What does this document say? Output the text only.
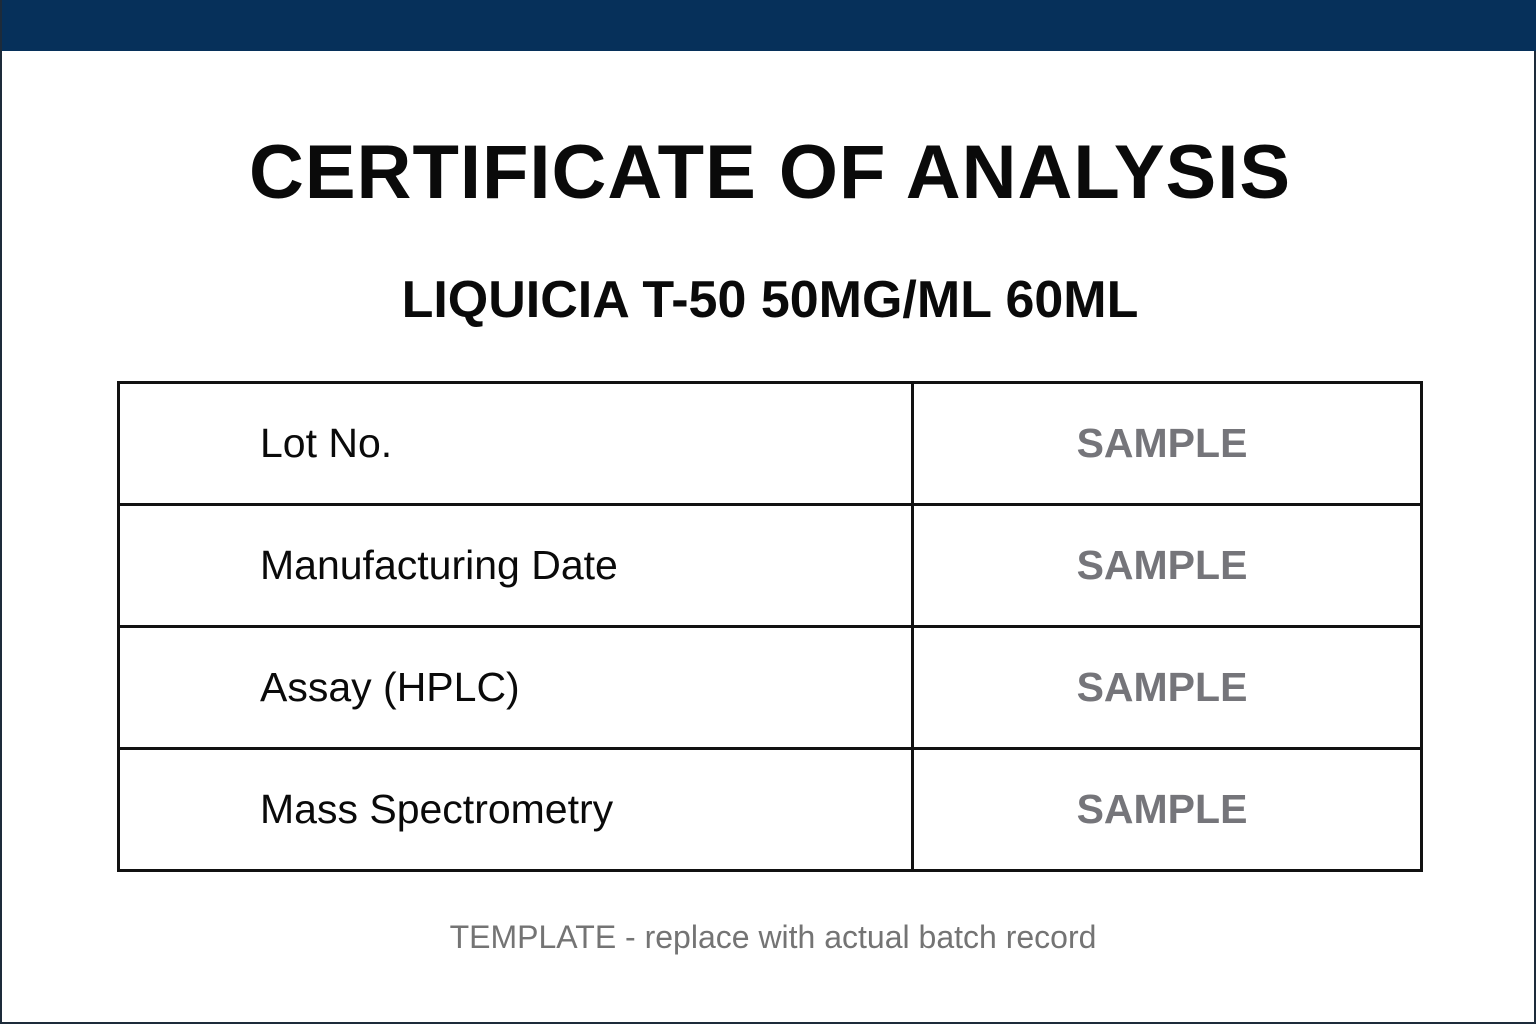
CERTIFICATE OF ANALYSIS
LIQUICIA T-50 50MG/ML 60ML
Lot No.	SAMPLE
Manufacturing Date	SAMPLE
Assay (HPLC)	SAMPLE
Mass Spectrometry	SAMPLE

TEMPLATE - replace with actual batch record
